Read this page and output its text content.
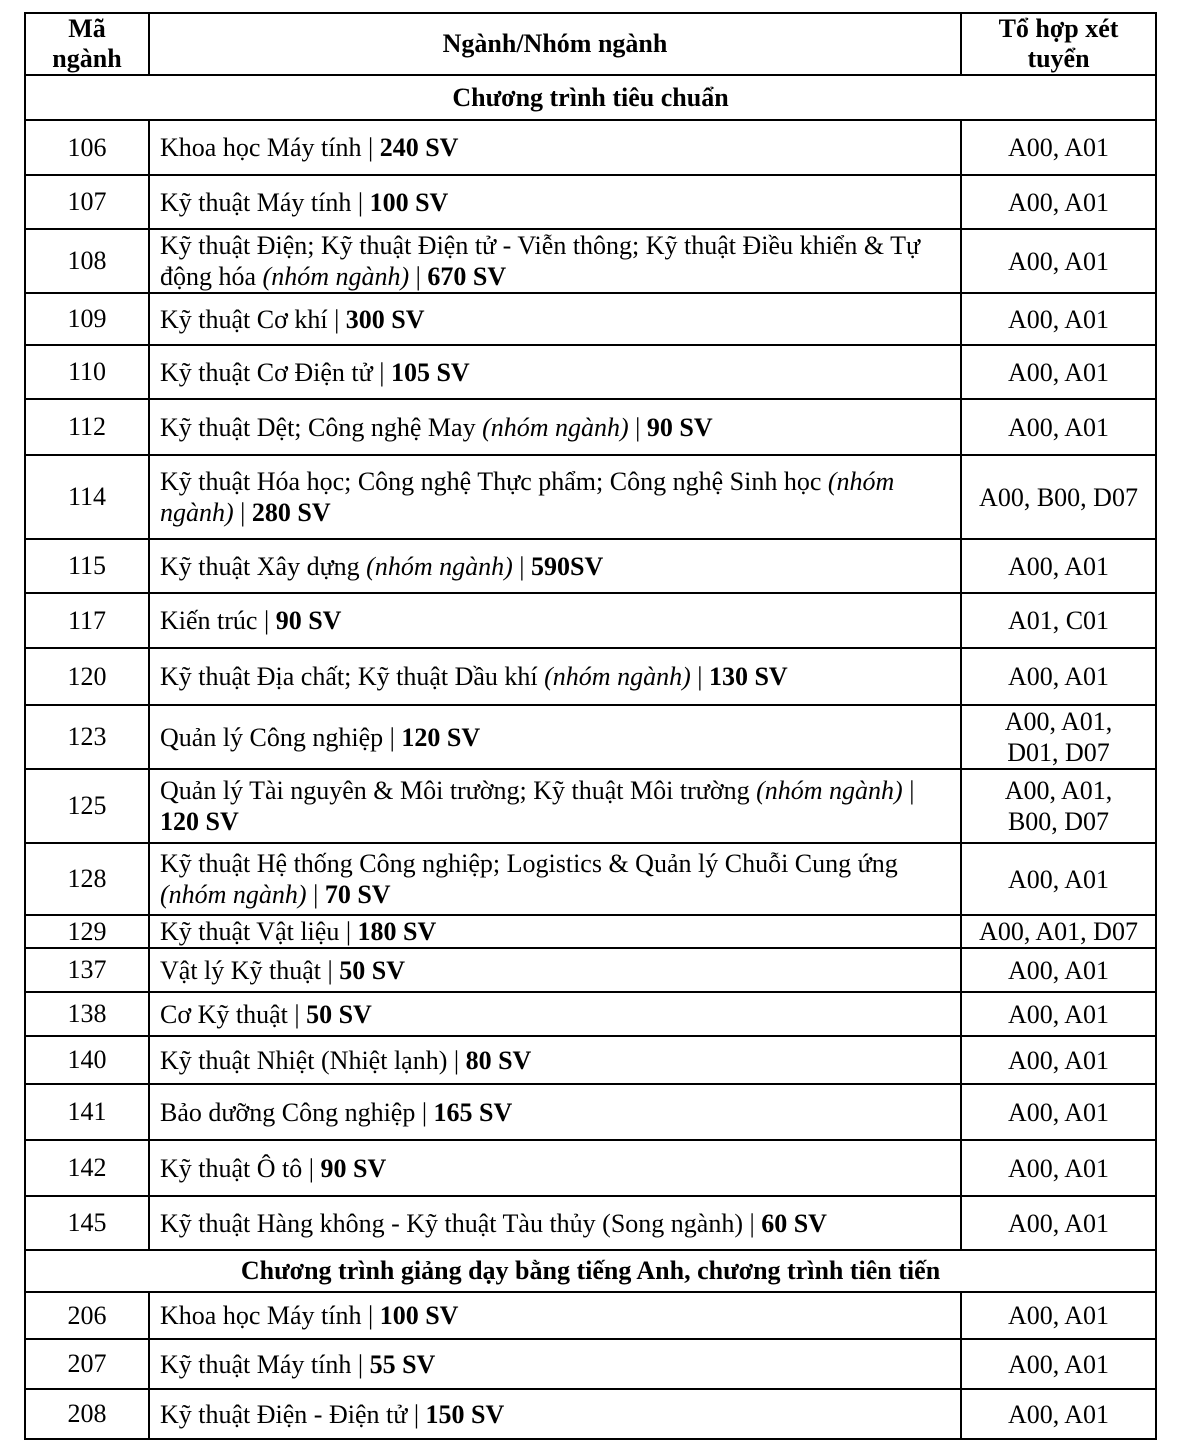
Mã ngành	Ngành/Nhóm ngành	Tổ hợp xét tuyển
Chương trình tiêu chuẩn		
106	Khoa học Máy tính | 240 SV	A00, A01
107	Kỹ thuật Máy tính | 100 SV	A00, A01
108	Kỹ thuật Điện; Kỹ thuật Điện tử - Viễn thông; Kỹ thuật Điều khiển & Tự động hóa (nhóm ngành) | 670 SV	A00, A01
109	Kỹ thuật Cơ khí | 300 SV	A00, A01
110	Kỹ thuật Cơ Điện tử | 105 SV	A00, A01
112	Kỹ thuật Dệt; Công nghệ May (nhóm ngành) | 90 SV	A00, A01
114	Kỹ thuật Hóa học; Công nghệ Thực phẩm; Công nghệ Sinh học (nhóm ngành) | 280 SV	A00, B00, D07
115	Kỹ thuật Xây dựng (nhóm ngành) | 590SV	A00, A01
117	Kiến trúc | 90 SV	A01, C01
120	Kỹ thuật Địa chất; Kỹ thuật Dầu khí (nhóm ngành) | 130 SV	A00, A01
123	Quản lý Công nghiệp | 120 SV	A00, A01, D01, D07
125	Quản lý Tài nguyên & Môi trường; Kỹ thuật Môi trường (nhóm ngành) | 120 SV	A00, A01, B00, D07
128	Kỹ thuật Hệ thống Công nghiệp; Logistics & Quản lý Chuỗi Cung ứng (nhóm ngành) | 70 SV	A00, A01
129	Kỹ thuật Vật liệu | 180 SV	A00, A01, D07
137	Vật lý Kỹ thuật | 50 SV	A00, A01
138	Cơ Kỹ thuật | 50 SV	A00, A01
140	Kỹ thuật Nhiệt (Nhiệt lạnh) | 80 SV	A00, A01
141	Bảo dưỡng Công nghiệp | 165 SV	A00, A01
142	Kỹ thuật Ô tô | 90 SV	A00, A01
145	Kỹ thuật Hàng không - Kỹ thuật Tàu thủy (Song ngành) | 60 SV	A00, A01
Chương trình giảng dạy bằng tiếng Anh, chương trình tiên tiến		
206	Khoa học Máy tính | 100 SV	A00, A01
207	Kỹ thuật Máy tính | 55 SV	A00, A01
208	Kỹ thuật Điện - Điện tử | 150 SV	A00, A01
